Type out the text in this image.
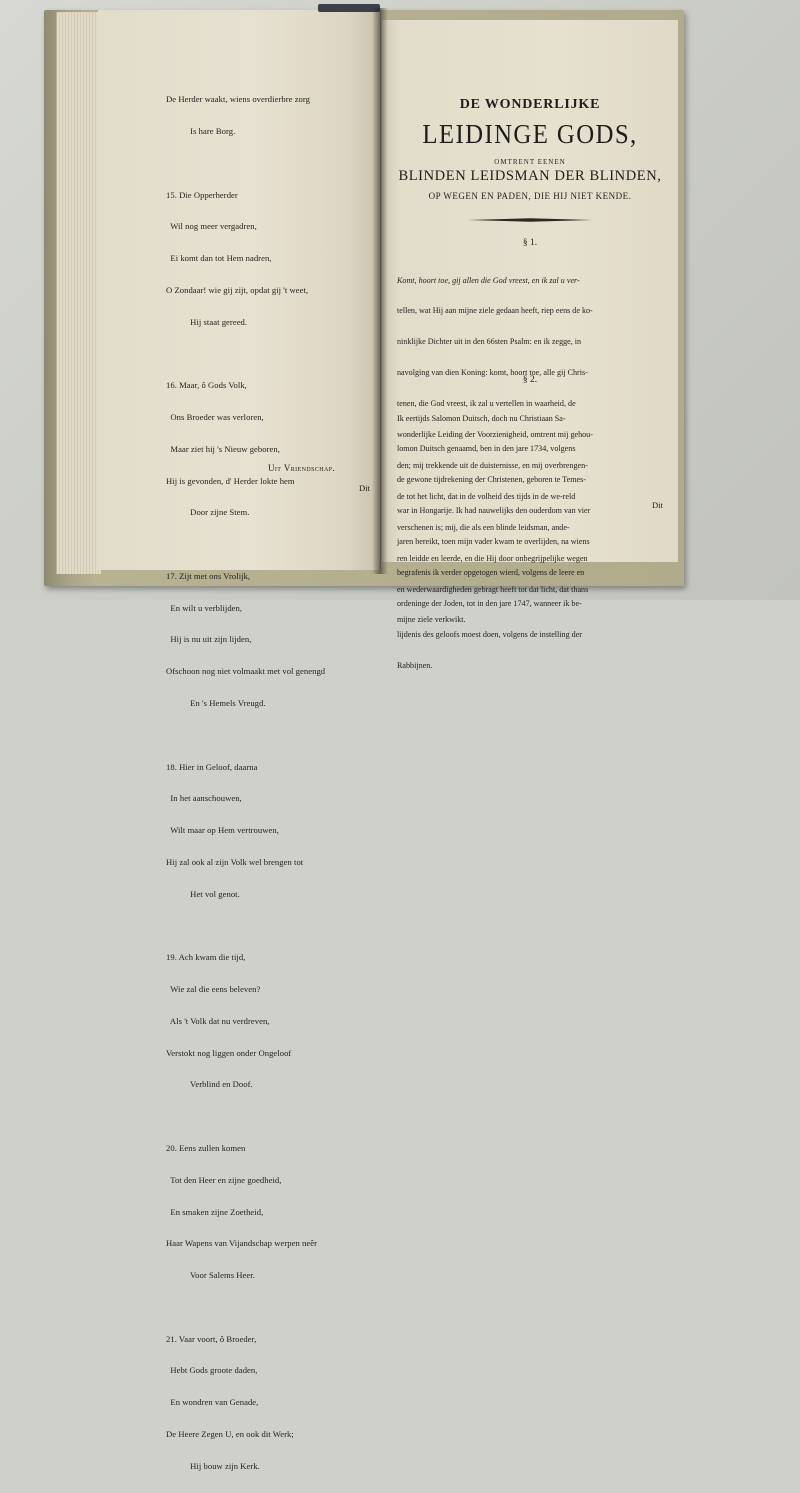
De Herder waakt, wiens overdierbre zorg

Is hare Borg.

15. Die Opperherder

Wil nog meer vergadren,

Ei komt dan tot Hem nadren,

O Zondaar! wie gij zijt, opdat gij 't weet,

Hij staat gereed.

16. Maar, ô Gods Volk,

Ons Broeder was verloren,

Maar ziet hij 's Nieuw geboren,

Hij is gevonden, d' Herder lokte hem

Door zijne Stem.

17. Zijt met ons Vrolijk,

En wilt u verblijden,

Hij is nu uit zijn lijden,

Ofschoon nog niet volmaakt met vol genengd

En 's Hemels Vreugd.

18. Hier in Geloof, daarna

In het aanschouwen,

Wilt maar op Hem vertrouwen,

Hij zal ook al zijn Volk wel brengen tot

Het vol genot.

19. Ach kwam die tijd,

Wie zal die eens beleven?

Als 't Volk dat nu verdreven,

Verstokt nog liggen onder Ongeloof

Verblind en Doof.

20. Eens zullen komen

Tot den Heer en zijne goedheid,

En smaken zijne Zoetheid,

Haar Wapens van Vijandschap werpen neêr

Voor Salems Heer.

21. Vaar voort, ô Broeder,

Hebt Gods groote daden,

En wondren van Genade,

De Heere Zegen U, en ook dit Werk;

Hij bouw zijn Kerk.

Uit Vriendschap.
Dit
DE WONDERLIJKE
LEIDINGE GODS,
OMTRENT EENEN
BLINDEN LEIDSMAN DER BLINDEN,
OP WEGEN EN PADEN, DIE HIJ NIET KENDE.
§ 1.

Komt, hoort toe, gij allen die God vreest, en ik zal u ver-

tellen, wat Hij aan mijne ziele gedaan heeft, riep eens de ko-

ninklijke Dichter uit in den 66sten Psalm: en ik zegge, in

navolging van dien Koning: komt, hoort toe, alle gij Chris-

tenen, die God vreest, ik zal u vertellen in waarheid, de

wonderlijke Leiding der Voorzienigheid, omtrent mij gehou-

den; mij trekkende uit de duisternisse, en mij overbrengen-

de tot het licht, dat in de volheid des tijds in de we-reld

verschenen is; mij, die als een blinde leidsman, ande-

ren leidde en leerde, en die Hij door onbegrijpelijke wegen

en wederwaardigheden gebragt heeft tot dat licht, dat thans

mijne ziele verkwikt.

§ 2.

Ik eertijds Salomon Duitsch, doch nu Christiaan Sa-

lomon Duitsch genaamd, ben in den jare 1734, volgens

de gewone tijdrekening der Christenen, geboren te Temes-

war in Hongarije. Ik had nauwelijks den ouderdom van vier

jaren bereikt, toen mijn vader kwam te overlijden, na wiens

begrafenis ik verder opgetogen wierd, volgens de leere en

ordeninge der Joden, tot in den jare 1747, wanneer ik be-

lijdenis des geloofs moest doen, volgens de instelling der

Rabbijnen.

Dit
